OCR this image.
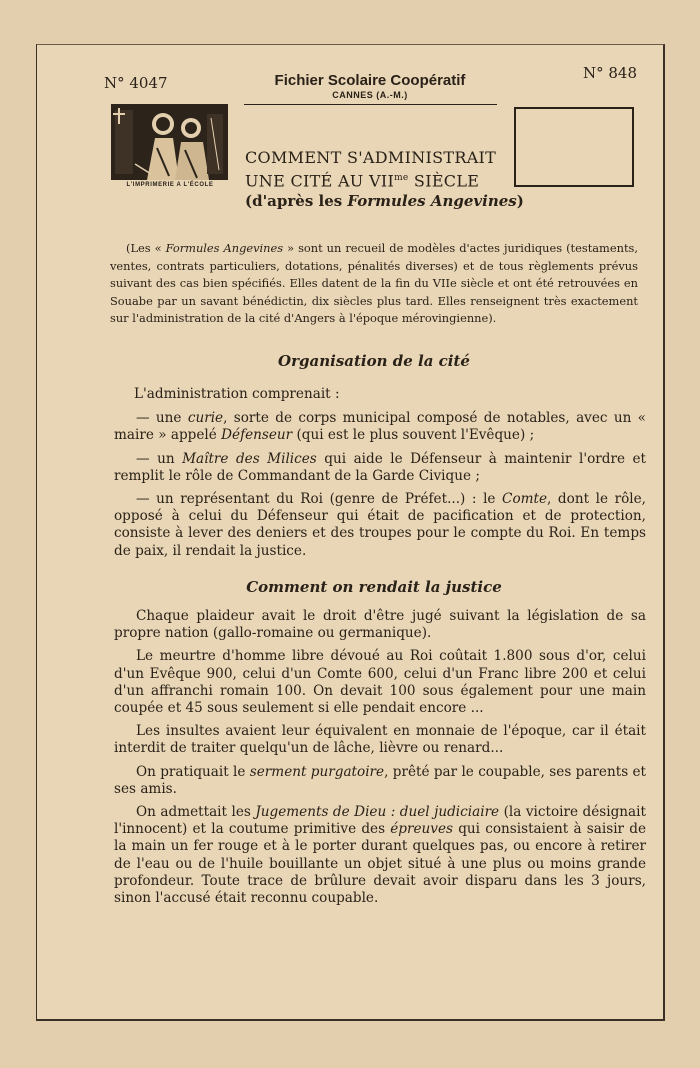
N° 4047
N° 848
Fichier Scolaire Coopératif
CANNES (A.-M.)
L'IMPRIMERIE A L'ÉCOLE
COMMENT S'ADMINISTRAIT
UNE CITÉ AU $VII^{me}$ SIÈCLE
(d'après les Formules Angevines)

(Les « Formules Angevines » sont un recueil de modèles d'actes juridiques (testaments, ventes, contrats particuliers, dotations, pénalités diverses) et de tous règlements prévus suivant des cas bien spécifiés. Elles datent de la fin du VIIe siècle et ont été retrouvées en Souabe par un savant bénédictin, dix siècles plus tard. Elles renseignent très exactement sur l'administration de la cité d'Angers à l'époque mérovingienne).

Organisation de la cité

L'administration comprenait :

— une curie, sorte de corps municipal composé de notables, avec un « maire » appelé Défenseur (qui est le plus souvent l'Evêque) ;

— un Maître des Milices qui aide le Défenseur à maintenir l'ordre et remplit le rôle de Commandant de la Garde Civique ;

— un représentant du Roi (genre de Préfet...) : le Comte, dont le rôle, opposé à celui du Défenseur qui était de pacification et de protection, consiste à lever des deniers et des troupes pour le compte du Roi. En temps de paix, il rendait la justice.

Comment on rendait la justice

Chaque plaideur avait le droit d'être jugé suivant la législation de sa propre nation (gallo-romaine ou germanique).

Le meurtre d'homme libre dévoué au Roi coûtait 1.800 sous d'or, celui d'un Evêque 900, celui d'un Comte 600, celui d'un Franc libre 200 et celui d'un affranchi romain 100. On devait 100 sous également pour une main coupée et 45 sous seulement si elle pendait encore ...

Les insultes avaient leur équivalent en monnaie de l'époque, car il était interdit de traiter quelqu'un de lâche, lièvre ou renard...

On pratiquait le serment purgatoire, prêté par le coupable, ses parents et ses amis.

On admettait les Jugements de Dieu : duel judiciaire (la victoire désignait l'innocent) et la coutume primitive des épreuves qui consistaient à saisir de la main un fer rouge et à le porter durant quelques pas, ou encore à retirer de l'eau ou de l'huile bouillante un objet situé à une plus ou moins grande profondeur. Toute trace de brûlure devait avoir disparu dans les 3 jours, sinon l'accusé était reconnu coupable.
